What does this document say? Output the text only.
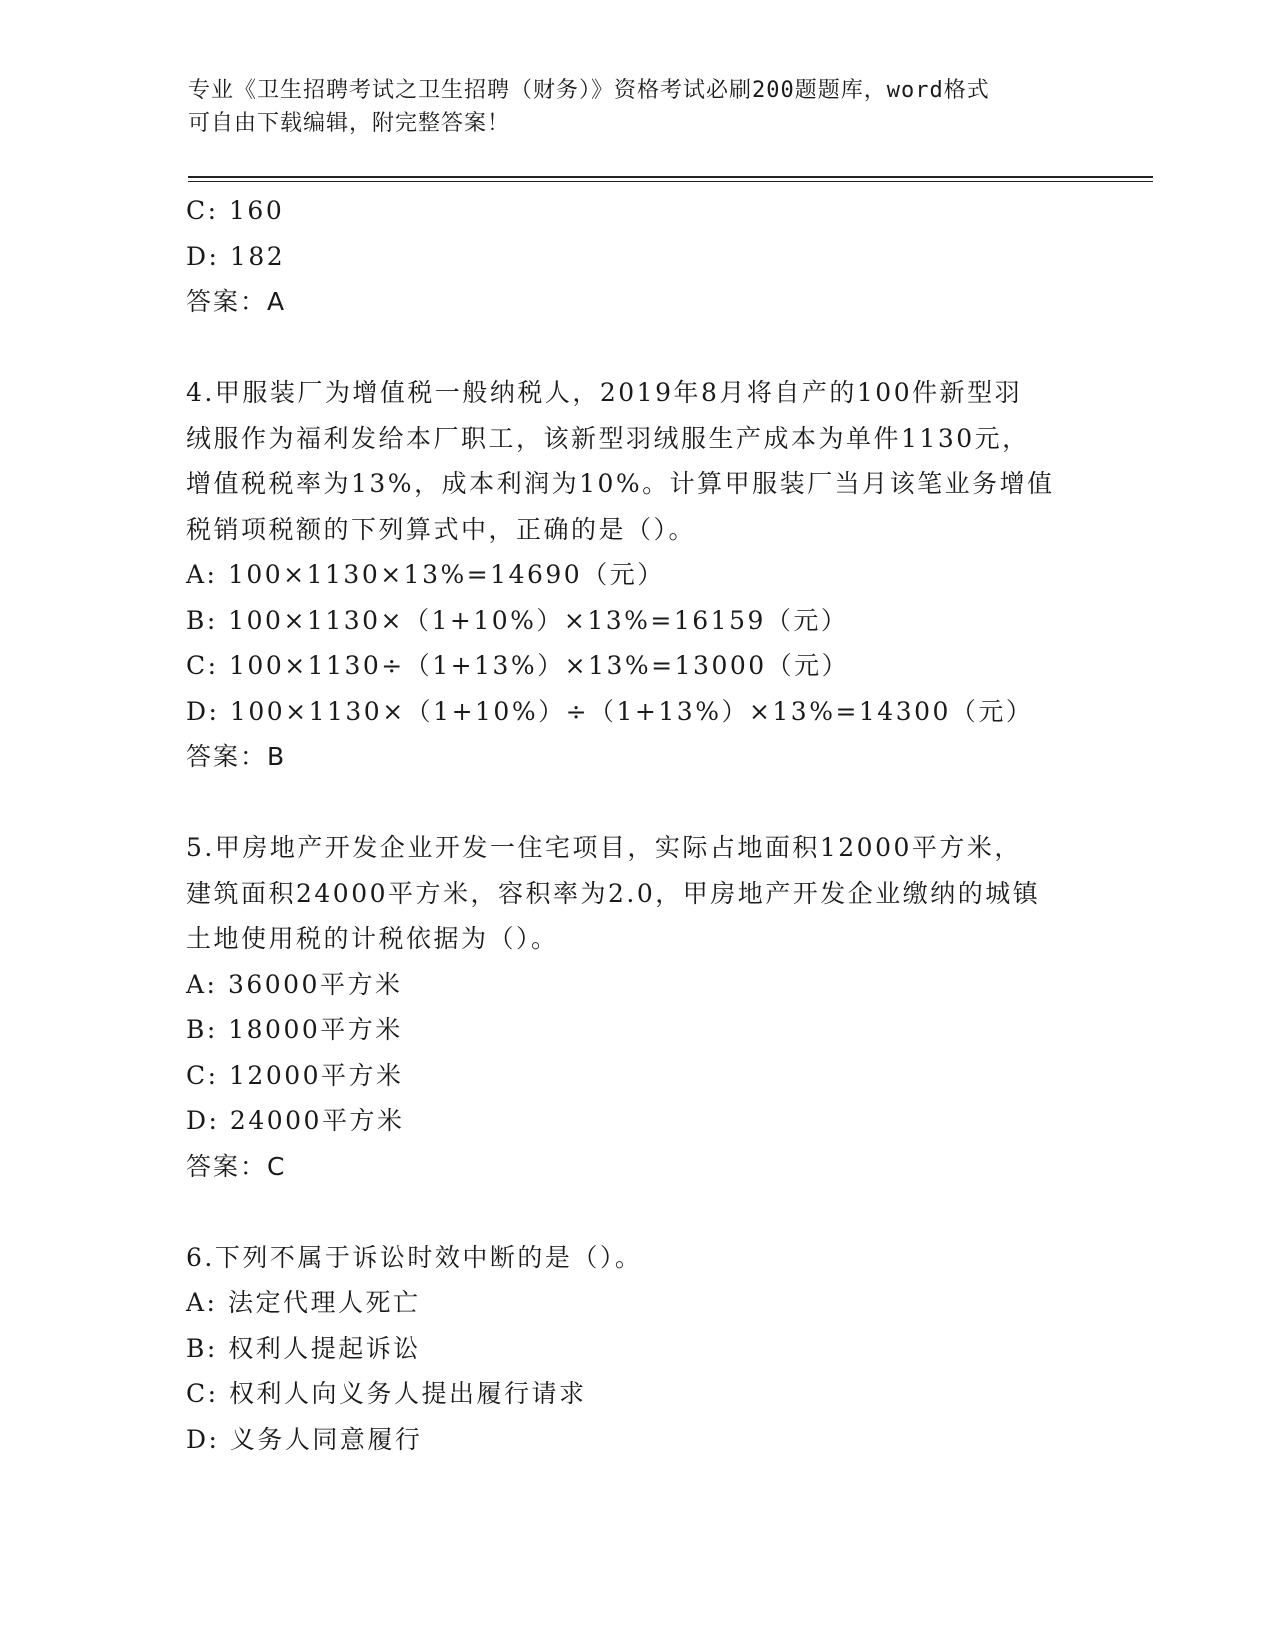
专业《卫生招聘考试之卫生招聘（财务）》资格考试必刷200题题库，word格式
可自由下载编辑，附完整答案！
C: 160
D: 182
答案：A
4.甲服装厂为增值税一般纳税人，2019年8月将自产的100件新型羽
绒服作为福利发给本厂职工，该新型羽绒服生产成本为单件1130元，
增值税税率为13%，成本利润为10%。计算甲服装厂当月该笔业务增值
税销项税额的下列算式中，正确的是（）。
A: 100×1130×13%=14690（元）
B: 100×1130×（1+10%）×13%=16159（元）
C: 100×1130÷（1+13%）×13%=13000（元）
D: 100×1130×（1+10%）÷（1+13%）×13%=14300（元）
答案：B
5.甲房地产开发企业开发一住宅项目，实际占地面积12000平方米，
建筑面积24000平方米，容积率为2.0，甲房地产开发企业缴纳的城镇
土地使用税的计税依据为（）。
A: 36000平方米
B: 18000平方米
C: 12000平方米
D: 24000平方米
答案：C
6.下列不属于诉讼时效中断的是（）。
A: 法定代理人死亡
B: 权利人提起诉讼
C: 权利人向义务人提出履行请求
D: 义务人同意履行
